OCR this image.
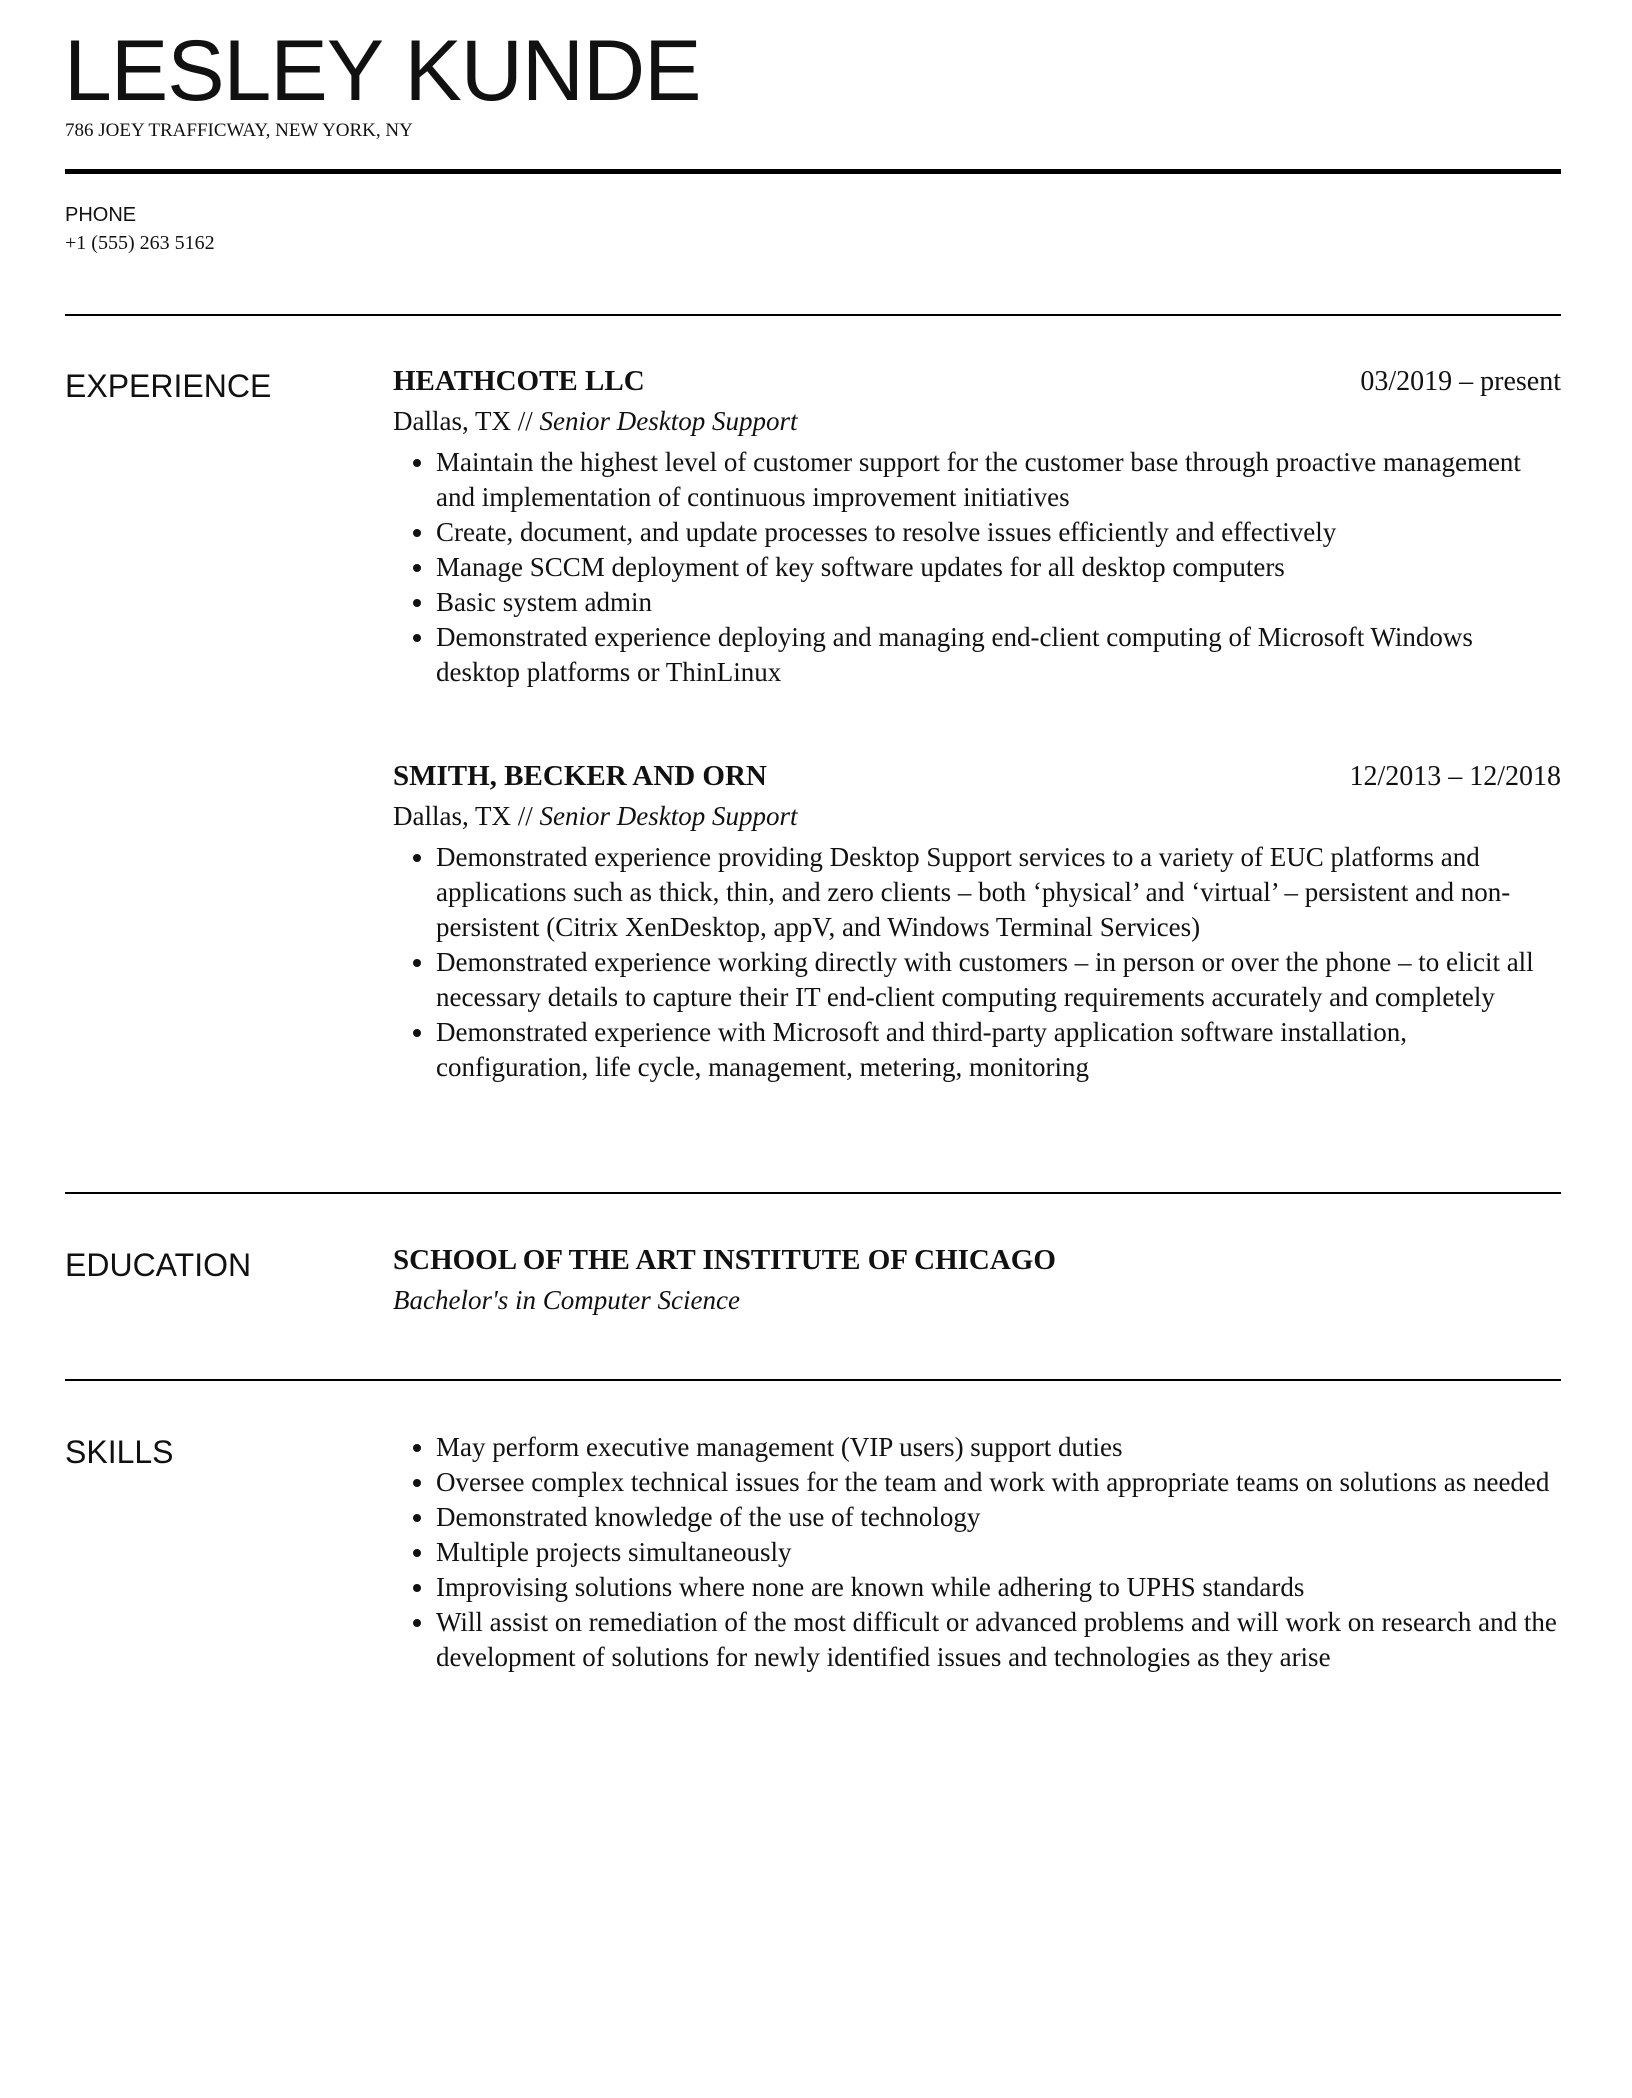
LESLEY KUNDE
786 JOEY TRAFFICWAY, NEW YORK, NY
PHONE
+1 (555) 263 5162
EXPERIENCE	HEATHCOTE LLC	03/2019 – present
Dallas, TX // Senior Desktop Support
• Maintain the highest level of customer support for the customer base through proactive management and implementation of continuous improvement initiatives
• Create, document, and update processes to resolve issues efficiently and effectively
• Manage SCCM deployment of key software updates for all desktop computers
• Basic system admin
• Demonstrated experience deploying and managing end-client computing of Microsoft Windows desktop platforms or ThinLinux
SMITH, BECKER AND ORN	12/2013 – 12/2018
Dallas, TX // Senior Desktop Support
• Demonstrated experience providing Desktop Support services to a variety of EUC platforms and applications such as thick, thin, and zero clients – both ‘physical’ and ‘virtual’ – persistent and non-persistent (Citrix XenDesktop, appV, and Windows Terminal Services)
• Demonstrated experience working directly with customers – in person or over the phone – to elicit all necessary details to capture their IT end-client computing requirements accurately and completely
• Demonstrated experience with Microsoft and third-party application software installation, configuration, life cycle, management, metering, monitoring
EDUCATION	SCHOOL OF THE ART INSTITUTE OF CHICAGO
Bachelor's in Computer Science
SKILLS	• May perform executive management (VIP users) support duties
• Oversee complex technical issues for the team and work with appropriate teams on solutions as needed
• Demonstrated knowledge of the use of technology
• Multiple projects simultaneously
• Improvising solutions where none are known while adhering to UPHS standards
• Will assist on remediation of the most difficult or advanced problems and will work on research and the development of solutions for newly identified issues and technologies as they arise
